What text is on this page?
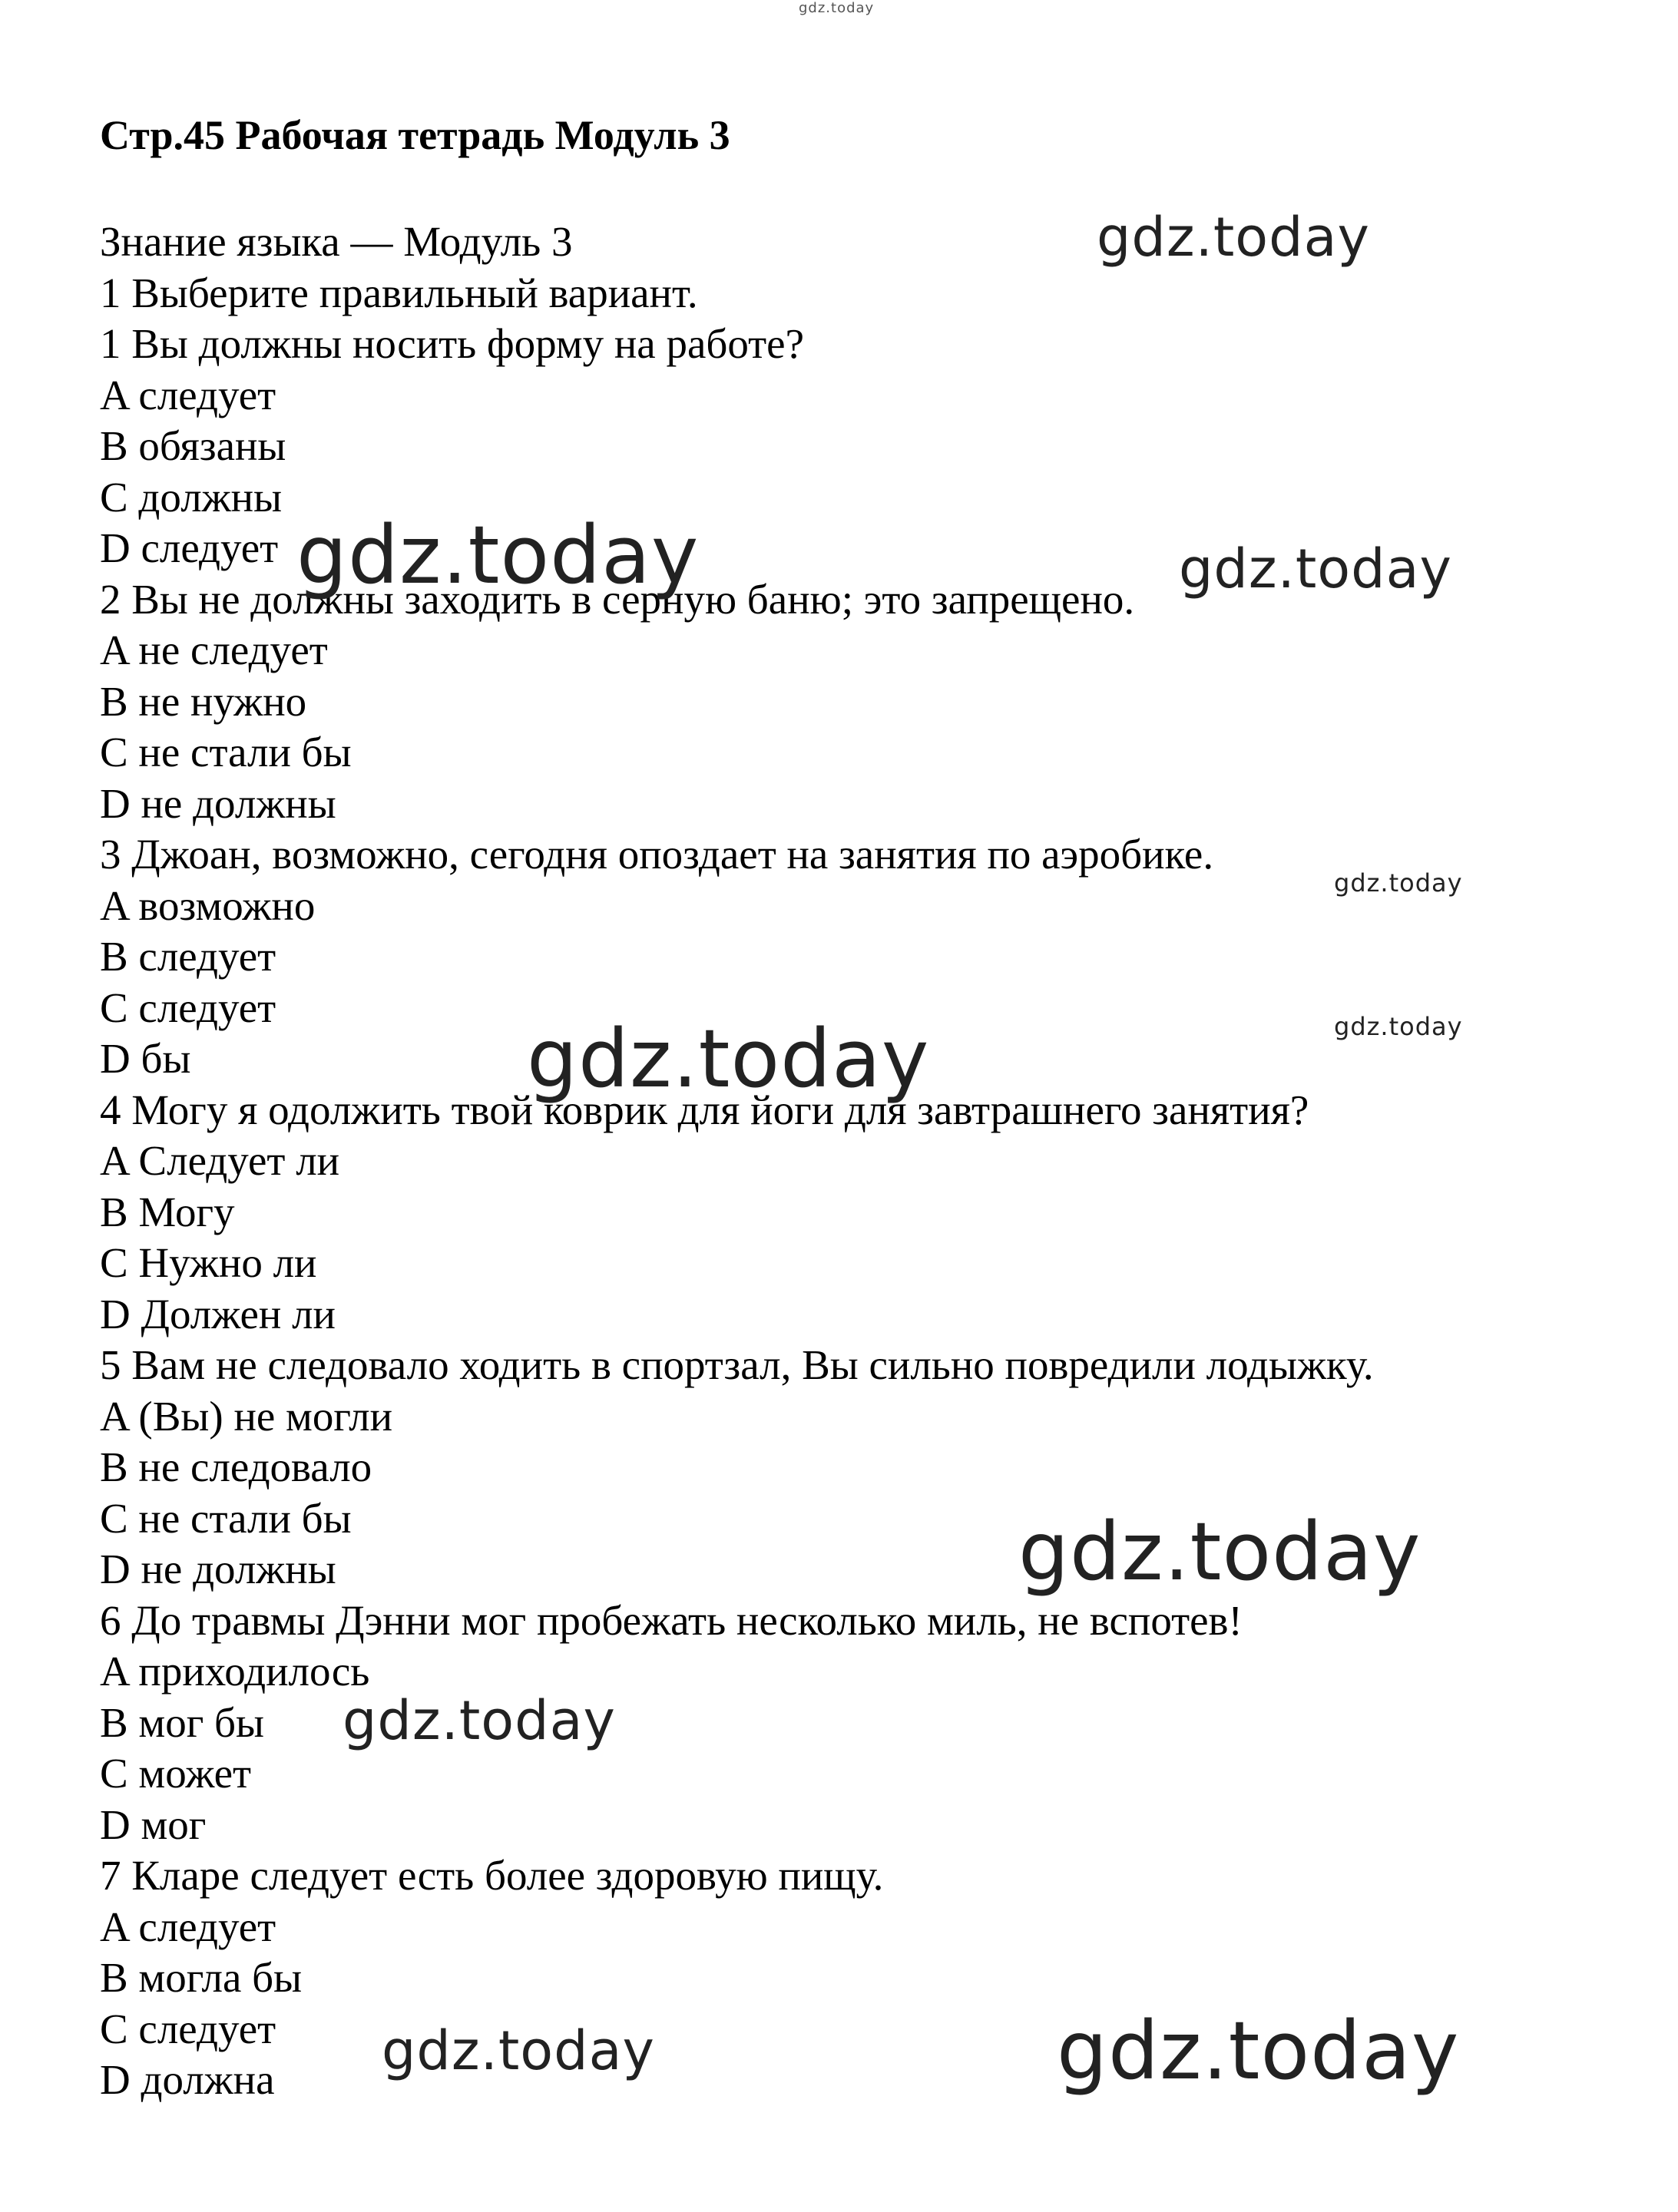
Стр.45 Рабочая тетрадь Модуль 3
Знание языка — Модуль 3
1 Выберите правильный вариант.
1 Вы должны носить форму на работе?
A следует
B обязаны
C должны
D следует
2 Вы не должны заходить в серную баню; это запрещено.
A не следует
B не нужно
C не стали бы
D не должны
3 Джоан, возможно, сегодня опоздает на занятия по аэробике.
A возможно
B следует
C следует
D бы
4 Могу я одолжить твой коврик для йоги для завтрашнего занятия?
A Следует ли
B Могу
C Нужно ли
D Должен ли
5 Вам не следовало ходить в спортзал, Вы сильно повредили лодыжку.
A (Вы) не могли
B не следовало
C не стали бы
D не должны
6 До травмы Дэнни мог пробежать несколько миль, не вспотев!
A приходилось
B мог бы
C может
D мог
7 Кларе следует есть более здоровую пищу.
A следует
B могла бы
C следует
D должна
gdz.today
gdz.today
gdz.today	gdz.today
gdz.today
gdz.today	gdz.today
gdz.today
gdz.today
gdz.today	gdz.today
